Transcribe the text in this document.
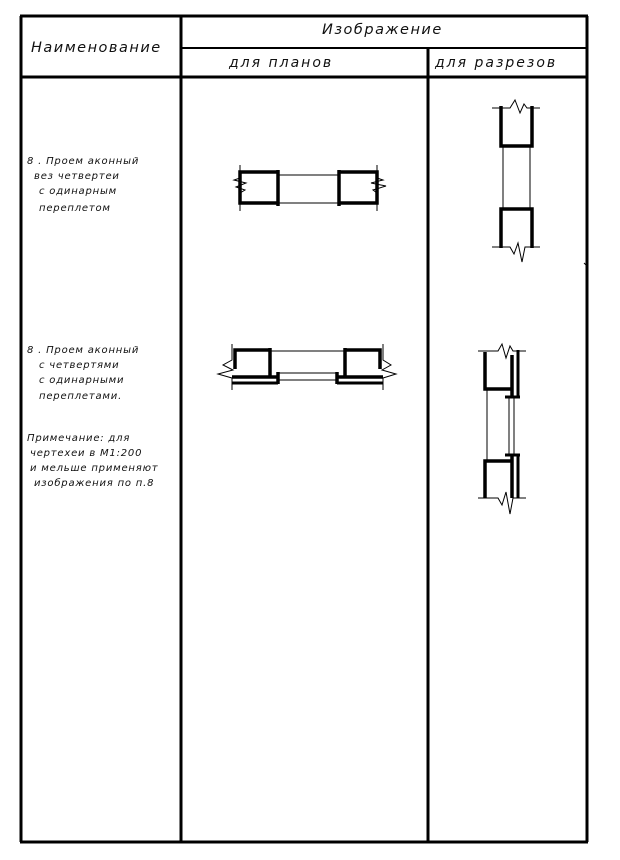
Наименование
Изображение
для планов	для разрезов
8 . Проем аконный
вез четвертеи
с одинарным
переплетом
8 . Проем аконный
с четвертями
с одинарными
переплетами.
Примечание: для
чертехеи в М1:200
и мельше применяют
изображения по п.8
